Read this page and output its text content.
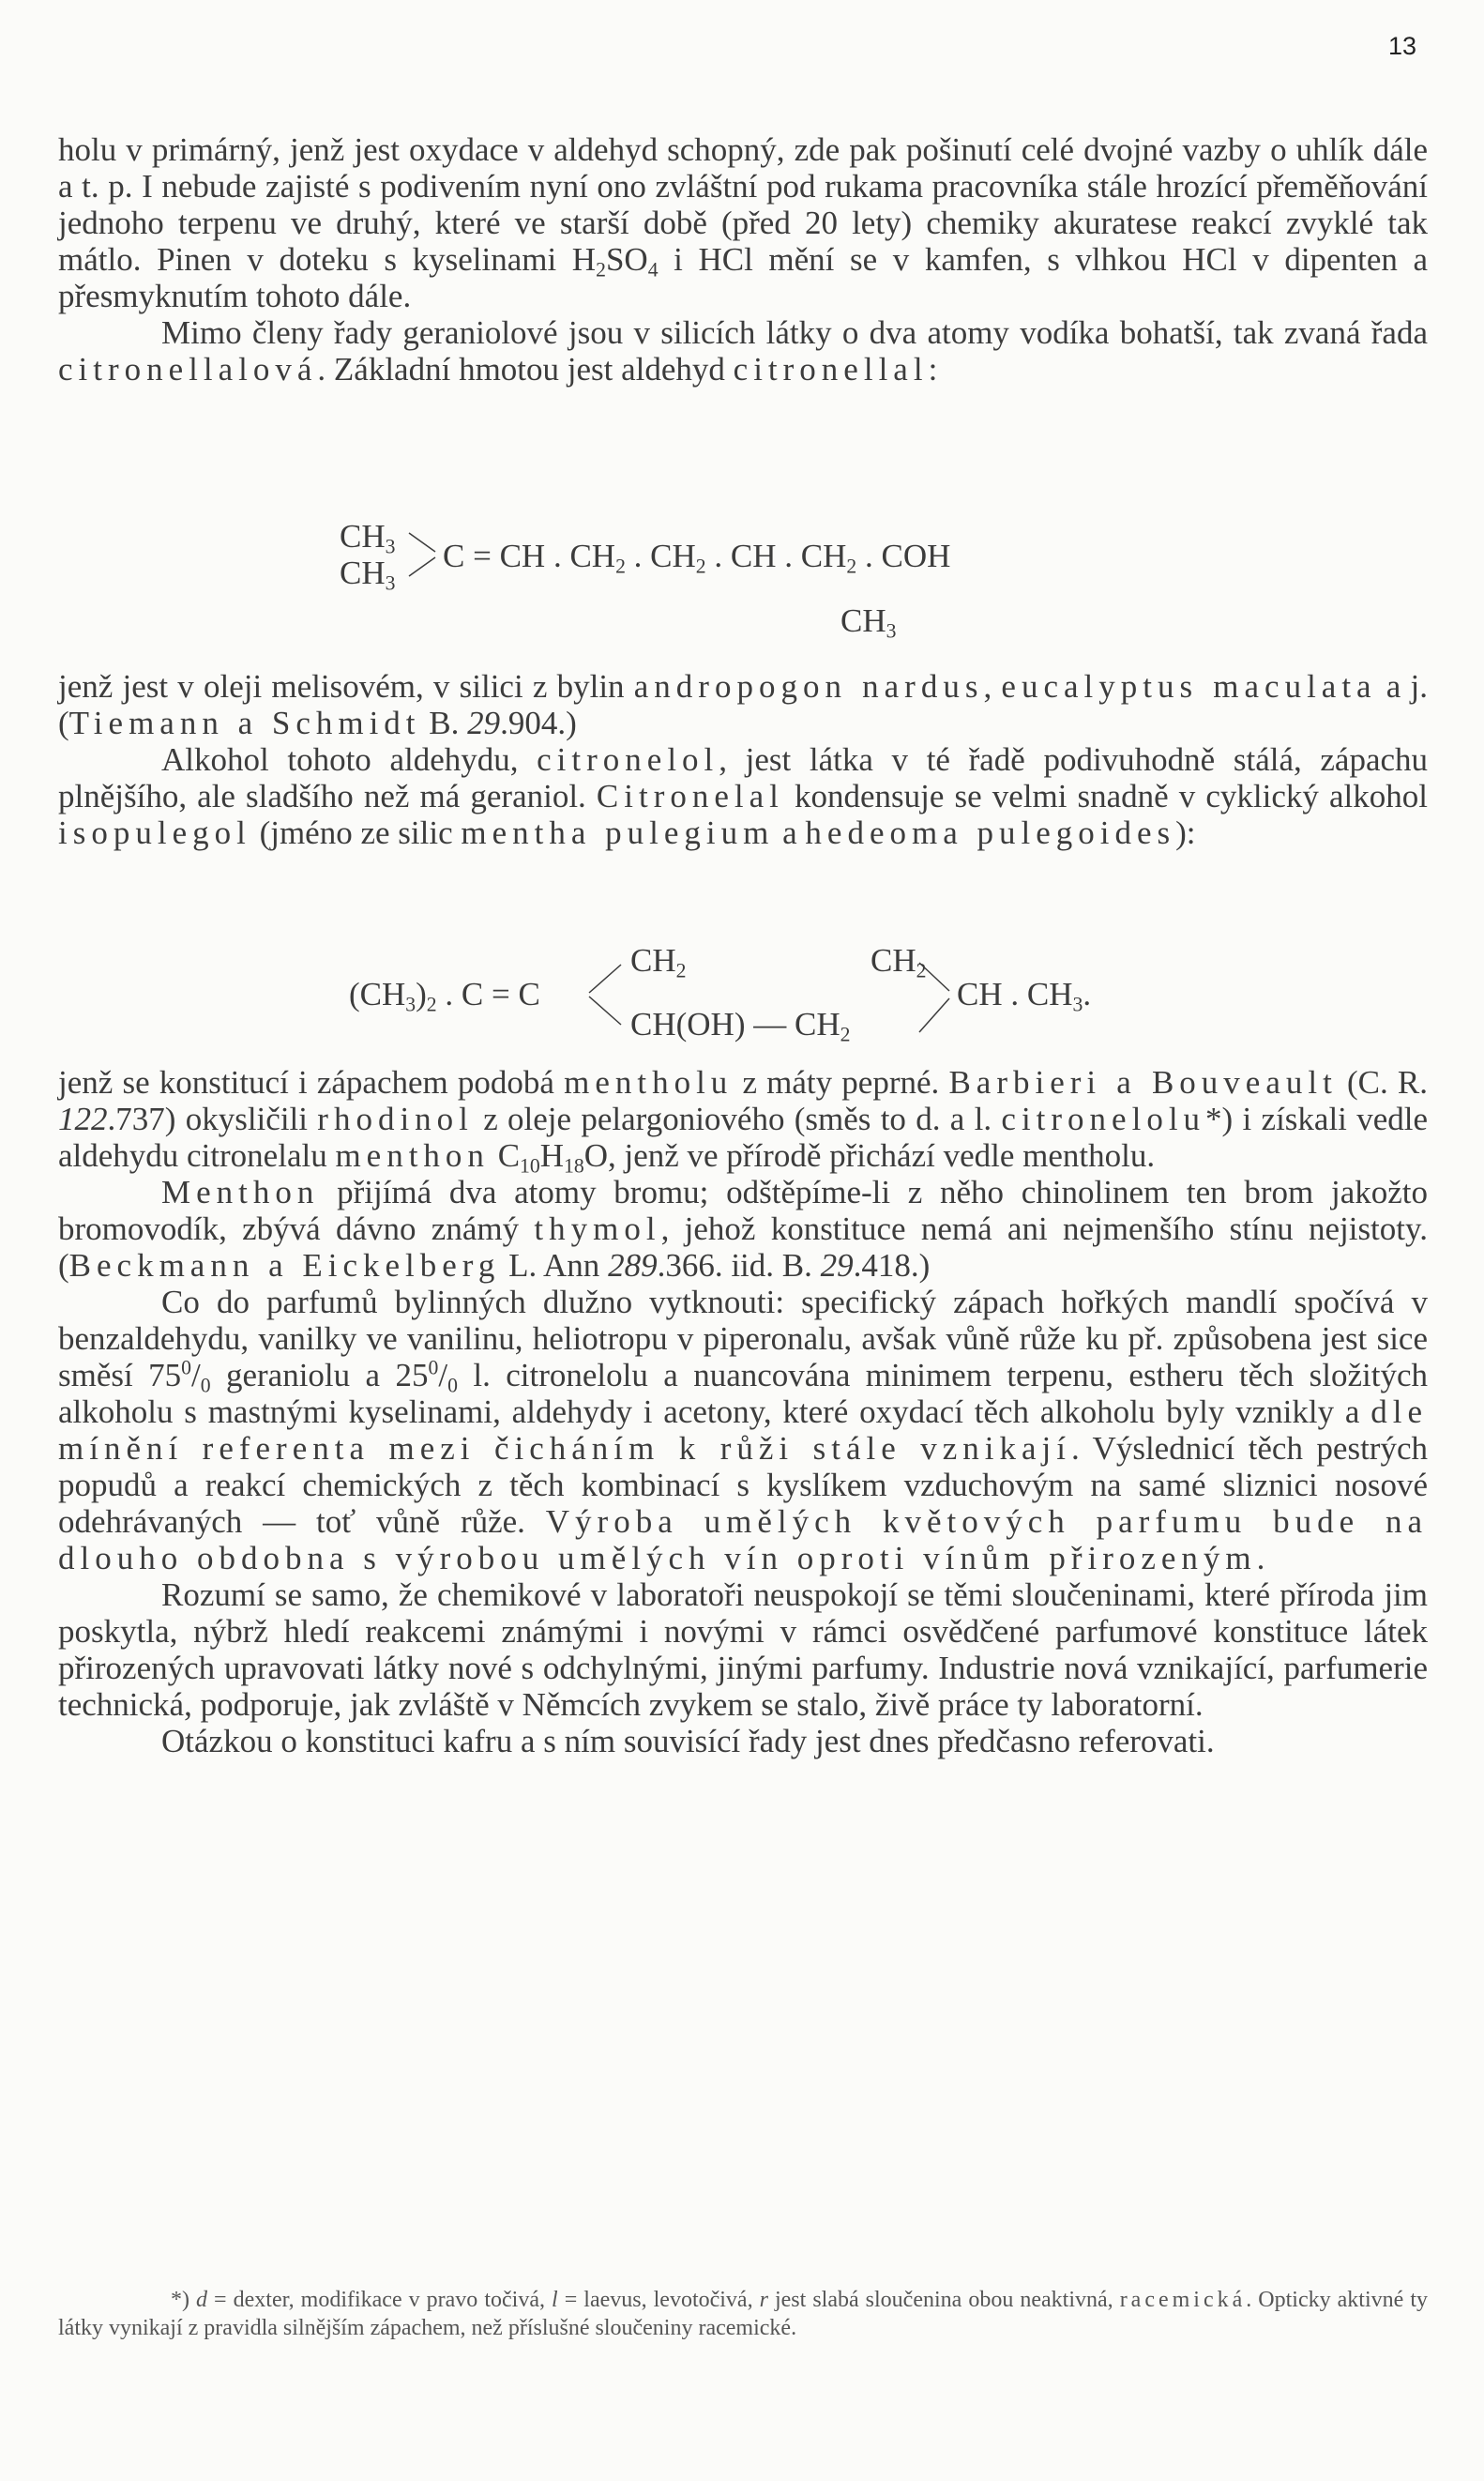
13

holu v primárný, jenž jest oxydace v aldehyd schopný, zde pak pošinutí celé dvojné vazby o uhlík dále a t. p. I nebude zajisté s podivením nyní ono zvláštní pod rukama pracovníka stále hrozící přeměňování jednoho terpenu ve druhý, které ve starší době (před 20 lety) chemiky akuratese reakcí zvyklé tak mátlo. Pinen v doteku s kyselinami $H_2SO_4$ i HCl mění se v kamfen, s vlhkou HCl v dipenten a přesmyknutím tohoto dále.

Mimo členy řady geraniolové jsou v silicích látky o dva atomy vodíka bohatší, tak zvaná řada citronellalová. Základní hmotou jest aldehyd citronellal:

$CH_3$
$CH_3$
C = CH . $CH_2$ . $CH_2$ . CH . $CH_2$ . COH
$CH_3$

jenž jest v oleji melisovém, v silici z bylin andropogon nardus, eucalyptus maculata a j. (Tiemann a Schmidt B. 29.904.)

Alkohol tohoto aldehydu, citronelol, jest látka v té řadě podivuhodně stálá, zápachu plnějšího, ale sladšího než má geraniol. Citronelal kondensuje se velmi snadně v cyklický alkohol isopulegol (jméno ze silic mentha pulegium a hedeoma pulegoides):

$(CH_3)_2$ . C = C
$CH_2$	$CH_2$
CH(OH) — $CH_2$
CH . $CH_3$.

jenž se konstitucí i zápachem podobá mentholu z máty peprné. Barbieri a Bouveault (C. R. 122.737) okysličili rhodinol z oleje pelargoniového (směs to d. a l. citronelolu*) i získali vedle aldehydu citronelalu menthon $C_{10}H_{18}O$, jenž ve přírodě přichází vedle mentholu.

Menthon přijímá dva atomy bromu; odštěpíme-li z něho chinolinem ten brom jakožto bromovodík, zbývá dávno známý thymol, jehož konstituce nemá ani nejmenšího stínu nejistoty. (Beckmann a Eickelberg L. Ann 289.366. iid. B. 29.418.)

Co do parfumů bylinných dlužno vytknouti: specifický zápach hořkých mandlí spočívá v benzaldehydu, vanilky ve vanilinu, heliotropu v piperonalu, avšak vůně růže ku př. způsobena jest sice směsí $75^0/_0$ geraniolu a $25^0/_0$ l. citronelolu a nuancována minimem terpenu, estheru těch složitých alkoholu s mastnými kyselinami, aldehydy i acetony, které oxydací těch alkoholu byly vznikly a dle mínění referenta mezi čicháním k růži stále vznikají. Výslednicí těch pestrých popudů a reakcí chemických z těch kombinací s kyslíkem vzduchovým na samé sliznici nosové odehrávaných — toť vůně růže. Výroba umělých květových parfumu bude na dlouho obdobna s výrobou umělých vín oproti vínům přirozeným.

Rozumí se samo, že chemikové v laboratoři neuspokojí se těmi sloučeninami, které příroda jim poskytla, nýbrž hledí reakcemi známými i novými v rámci osvědčené parfumové konstituce látek přirozených upravovati látky nové s odchylnými, jinými parfumy. Industrie nová vznikající, parfumerie technická, podporuje, jak zvláště v Němcích zvykem se stalo, živě práce ty laboratorní.

Otázkou o konstituci kafru a s ním souvisící řady jest dnes předčasno referovati.

*) d = dexter, modifikace v pravo točivá, l = laevus, levotočivá, r jest slabá sloučenina obou neaktivná, racemická. Opticky aktivné ty látky vynikají z pravidla silnějším zápachem, než příslušné sloučeniny racemické.
